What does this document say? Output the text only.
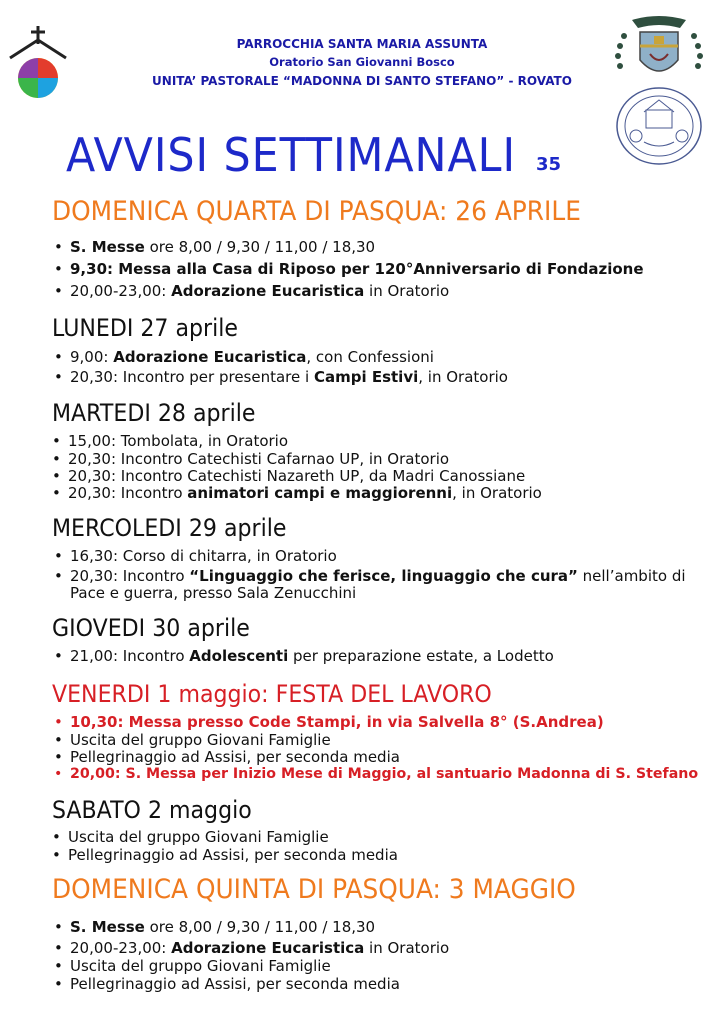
PARROCCHIA SANTA MARIA ASSUNTA
Oratorio San Giovanni Bosco
UNITA’ PASTORALE “MADONNA DI SANTO STEFANO” - ROVATO
AVVISI SETTIMANALI 35
DOMENICA QUARTA DI PASQUA: 26 APRILE
• S. Messe ore 8,00 / 9,30 / 11,00 / 18,30
• 9,30: Messa alla Casa di Riposo per 120°Anniversario di Fondazione
• 20,00-23,00: Adorazione Eucaristica in Oratorio
LUNEDI 27 aprile
• 9,00: Adorazione Eucaristica, con Confessioni
• 20,30: Incontro per presentare i Campi Estivi, in Oratorio
MARTEDI 28 aprile
• 15,00: Tombolata, in Oratorio
• 20,30: Incontro Catechisti Cafarnao UP, in Oratorio
• 20,30: Incontro Catechisti Nazareth UP, da Madri Canossiane
• 20,30: Incontro animatori campi e maggiorenni, in Oratorio
MERCOLEDI 29 aprile
• 16,30: Corso di chitarra, in Oratorio
• 20,30: Incontro “Linguaggio che ferisce, linguaggio che cura” nell’ambito di
Pace e guerra, presso Sala Zenucchini
GIOVEDI 30 aprile
• 21,00: Incontro Adolescenti per preparazione estate, a Lodetto
VENERDI 1 maggio: FESTA DEL LAVORO
• 10,30: Messa presso Code Stampi, in via Salvella 8° (S.Andrea)
• Uscita del gruppo Giovani Famiglie
• Pellegrinaggio ad Assisi, per seconda media
• 20,00: S. Messa per Inizio Mese di Maggio, al santuario Madonna di S. Stefano
SABATO 2 maggio
• Uscita del gruppo Giovani Famiglie
• Pellegrinaggio ad Assisi, per seconda media
DOMENICA QUINTA DI PASQUA: 3 MAGGIO
• S. Messe ore 8,00 / 9,30 / 11,00 / 18,30
• 20,00-23,00: Adorazione Eucaristica in Oratorio
• Uscita del gruppo Giovani Famiglie
• Pellegrinaggio ad Assisi, per seconda media
